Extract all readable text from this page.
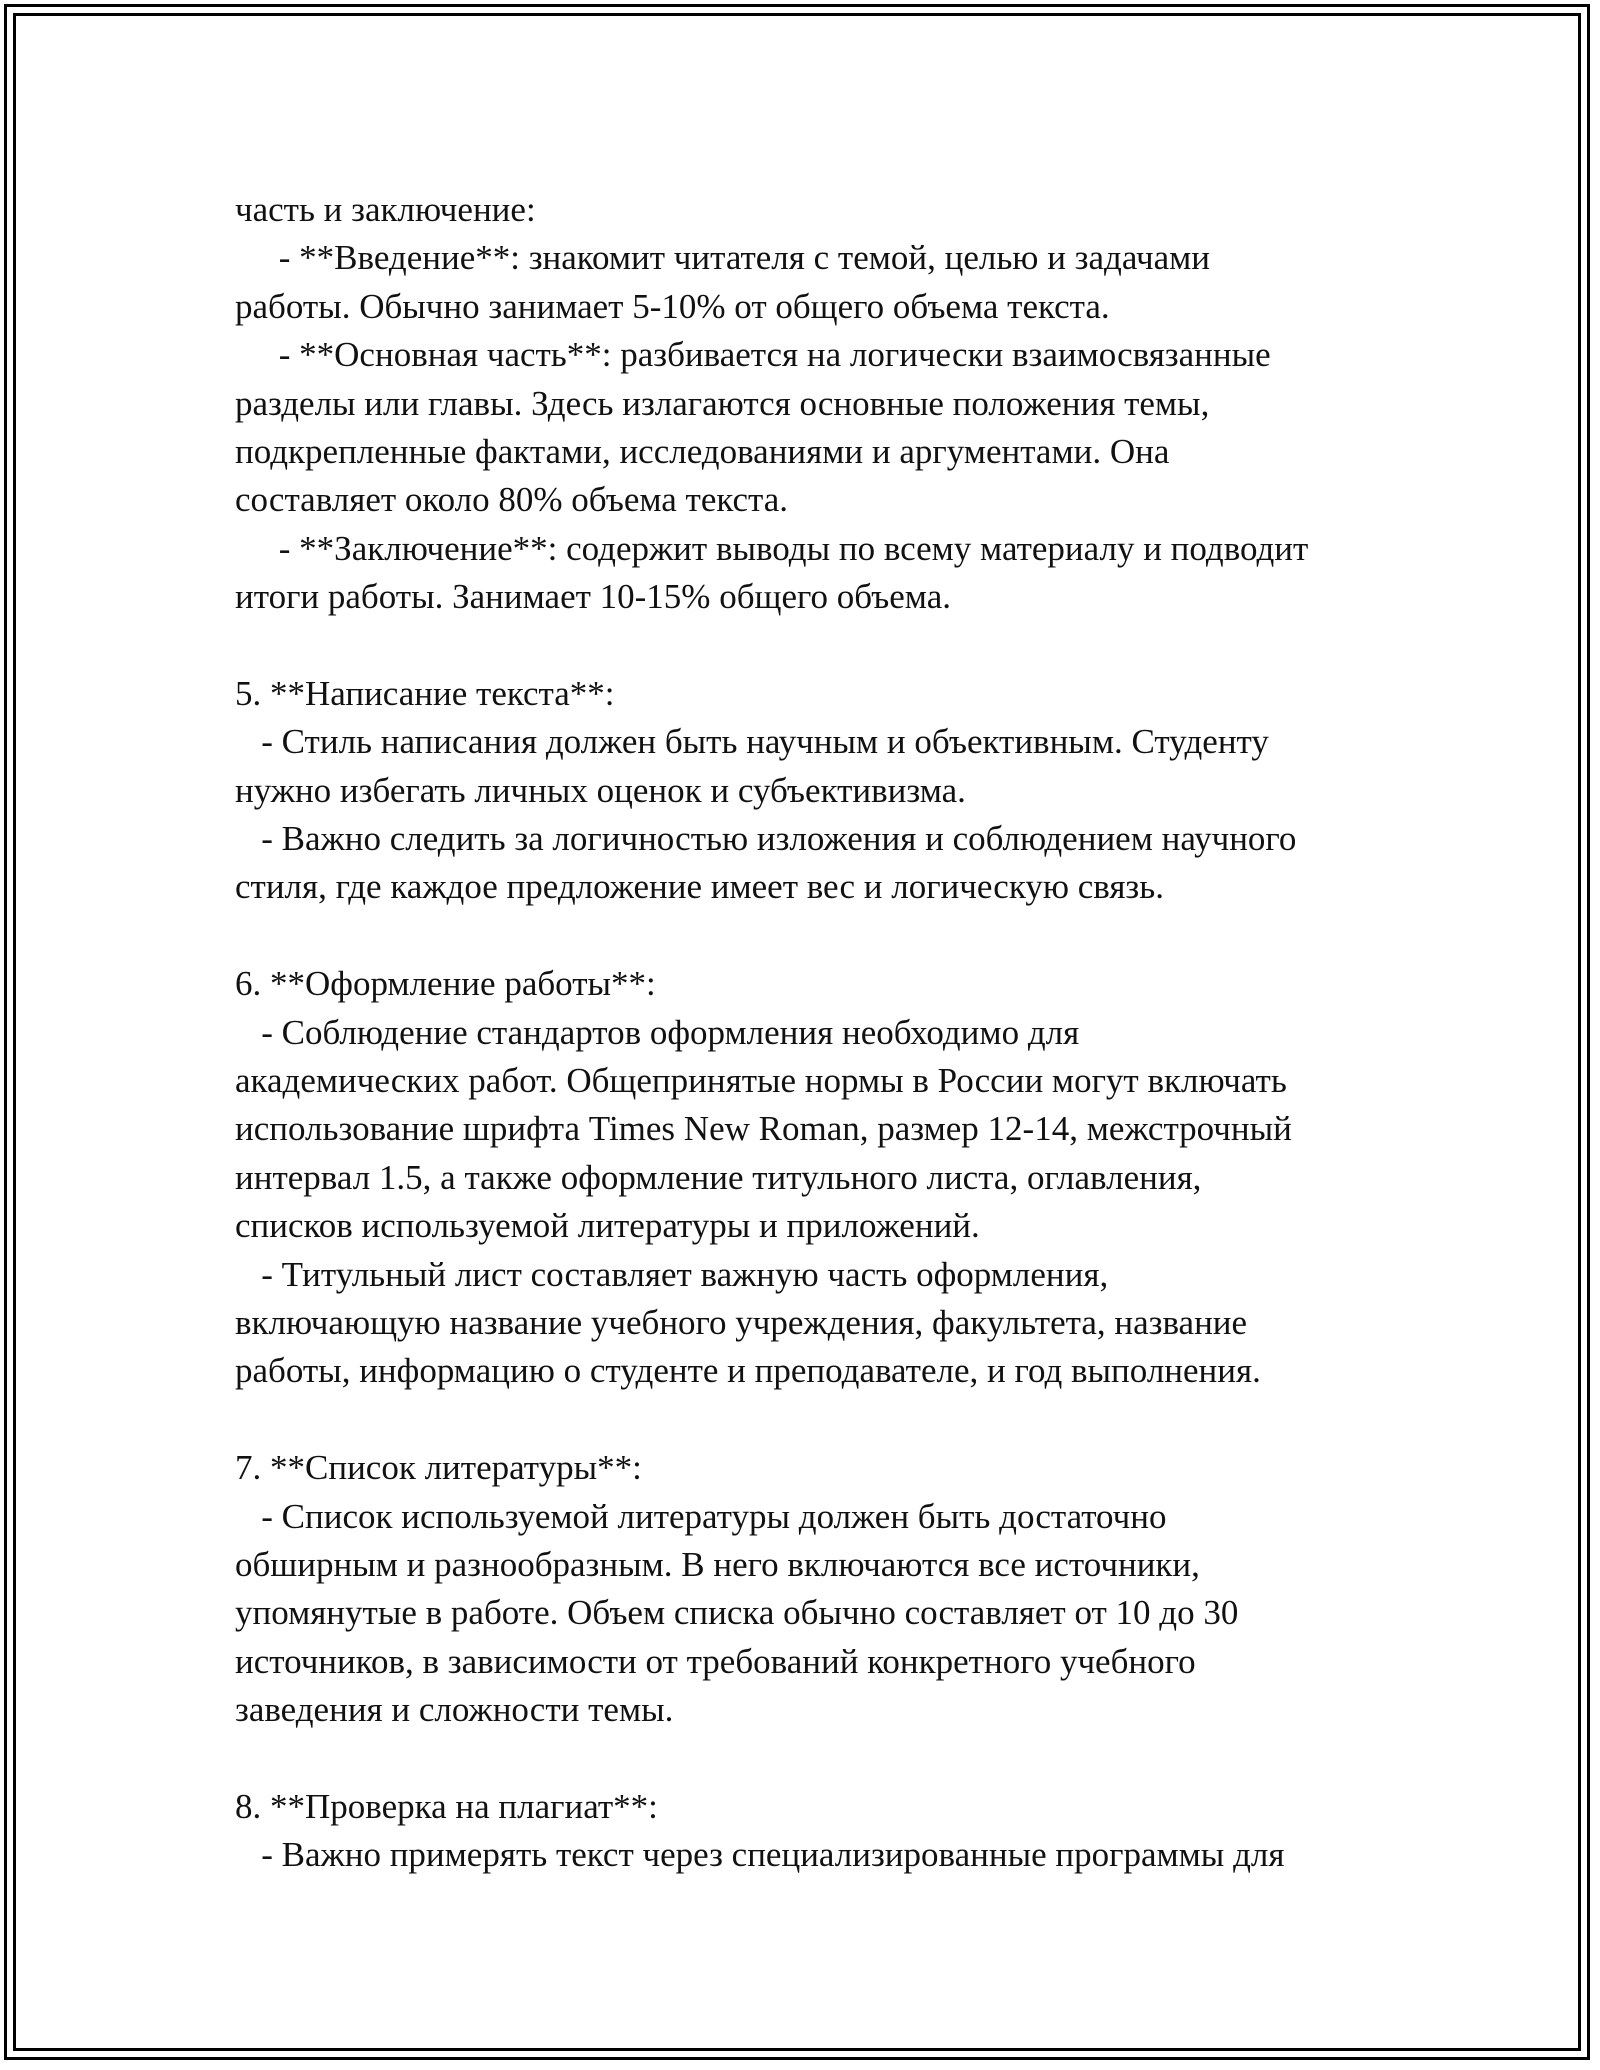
часть и заключение:
- **Введение**: знакомит читателя с темой, целью и задачами
работы. Обычно занимает 5-10% от общего объема текста.
- **Основная часть**: разбивается на логически взаимосвязанные
разделы или главы. Здесь излагаются основные положения темы,
подкрепленные фактами, исследованиями и аргументами. Она
составляет около 80% объема текста.
- **Заключение**: содержит выводы по всему материалу и подводит
итоги работы. Занимает 10-15% общего объема.
5. **Написание текста**:
- Стиль написания должен быть научным и объективным. Студенту
нужно избегать личных оценок и субъективизма.
- Важно следить за логичностью изложения и соблюдением научного
стиля, где каждое предложение имеет вес и логическую связь.
6. **Оформление работы**:
- Соблюдение стандартов оформления необходимо для
академических работ. Общепринятые нормы в России могут включать
использование шрифта Times New Roman, размер 12-14, межстрочный
интервал 1.5, а также оформление титульного листа, оглавления,
списков используемой литературы и приложений.
- Титульный лист составляет важную часть оформления,
включающую название учебного учреждения, факультета, название
работы, информацию о студенте и преподавателе, и год выполнения.
7. **Список литературы**:
- Список используемой литературы должен быть достаточно
обширным и разнообразным. В него включаются все источники,
упомянутые в работе. Объем списка обычно составляет от 10 до 30
источников, в зависимости от требований конкретного учебного
заведения и сложности темы.
8. **Проверка на плагиат**:
- Важно примерять текст через специализированные программы для
